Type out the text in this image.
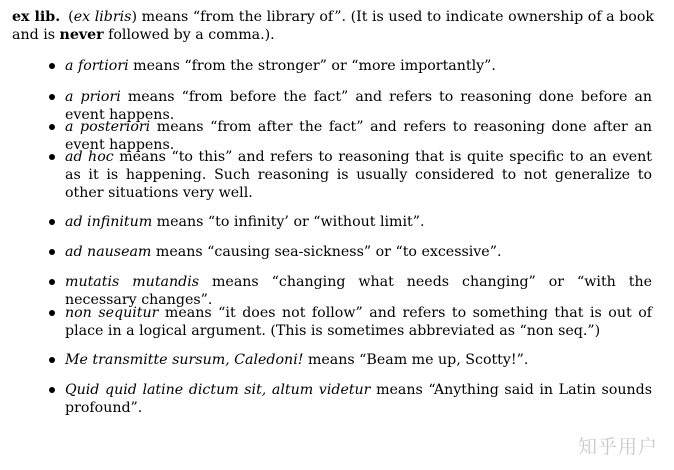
ex lib. (ex libris) means “from the library of”. (It is used to indicate ownership of a book and is never followed by a comma.).
a fortiori means “from the stronger” or “more importantly”.
a priori means “from before the fact” and refers to reasoning done before an event happens.
a posteriori means “from after the fact” and refers to reasoning done after an event happens.
ad hoc means “to this” and refers to reasoning that is quite specific to an event as it is happening. Such reasoning is usually considered to not generalize to other situations very well.
ad infinitum means “to infinity’ or “without limit”.
ad nauseam means “causing sea-sickness” or “to excessive”.
mutatis mutandis means “changing what needs changing” or “with the necessary changes”.
non sequitur means “it does not follow” and refers to something that is out of place in a logical argument. (This is sometimes abbreviated as “non seq.”)
Me transmitte sursum, Caledoni! means “Beam me up, Scotty!”.
Quid quid latine dictum sit, altum videtur means “Anything said in Latin sounds profound”.
知乎用户
